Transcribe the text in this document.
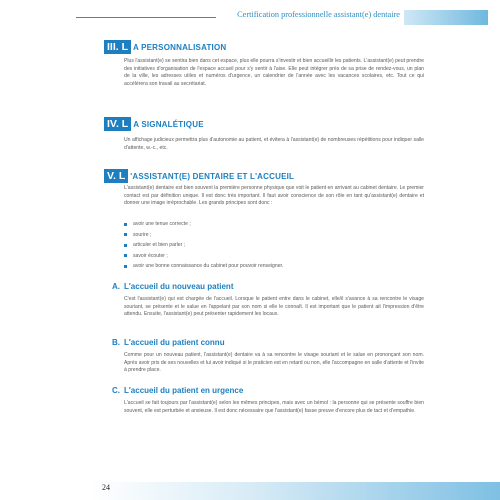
Certification professionnelle assistant(e) dentaire
III. L A PERSONNALISATION
Plus l'assistant(e) se sentira bien dans cet espace, plus elle pourra s'investir et bien accueillir les patients. L'assistant(e) peut prendre des initiatives d'organisation de l'espace accueil pour s'y sentir à l'aise. Elle peut intégrer près de sa prise de rendez-vous, un plan de la ville, les adresses utiles et numéros d'urgence, un calendrier de l'année avec les vacances scolaires, etc. Tout ce qui accélérera son travail au secrétariat.
IV. L A SIGNALÉTIQUE
Un affichage judicieux permettra plus d'autonomie au patient, et évitera à l'assistant(e) de nombreuses répétitions pour indiquer salle d'attente, w.-c., etc.
V. L 'ASSISTANT(E) DENTAIRE ET L'ACCUEIL
L'assistant(e) dentaire est bien souvent la première personne physique que voit le patient en arrivant au cabinet dentaire. Le premier contact est par définition unique. Il est donc très important. Il faut avoir conscience de son rôle en tant qu'assistant(e) dentaire et donner une image irréprochable. Les grands principes sont donc :
avoir une tenue correcte ;
sourire ;
articuler et bien parler ;
savoir écouter ;
avoir une bonne connaissance du cabinet pour pouvoir renseigner.
A. L'accueil du nouveau patient
C'est l'assistant(e) qui est chargée de l'accueil. Lorsque le patient entre dans le cabinet, elle/il s'avance à sa rencontre le visage souriant, se présente et le salue en l'appelant par son nom si elle le connaît. Il est important que le patient ait l'impression d'être attendu. Ensuite, l'assistant(e) peut présenter rapidement les locaux.
B. L'accueil du patient connu
Comme pour un nouveau patient, l'assistant(e) dentaire va à sa rencontre le visage souriant et le salue en prononçant son nom. Après avoir pris de ses nouvelles et lui avoir indiqué si le praticien est en retard ou non, elle l'accompagne en salle d'attente et l'invite à prendre place.
C. L'accueil du patient en urgence
L'accueil se fait toujours par l'assistant(e) selon les mêmes principes, mais avec un bémol : la personne qui se présente souffre bien souvent, elle est perturbée et anxieuse. Il est donc nécessaire que l'assistant(e) fasse preuve d'encore plus de tact et d'empathie.
24
